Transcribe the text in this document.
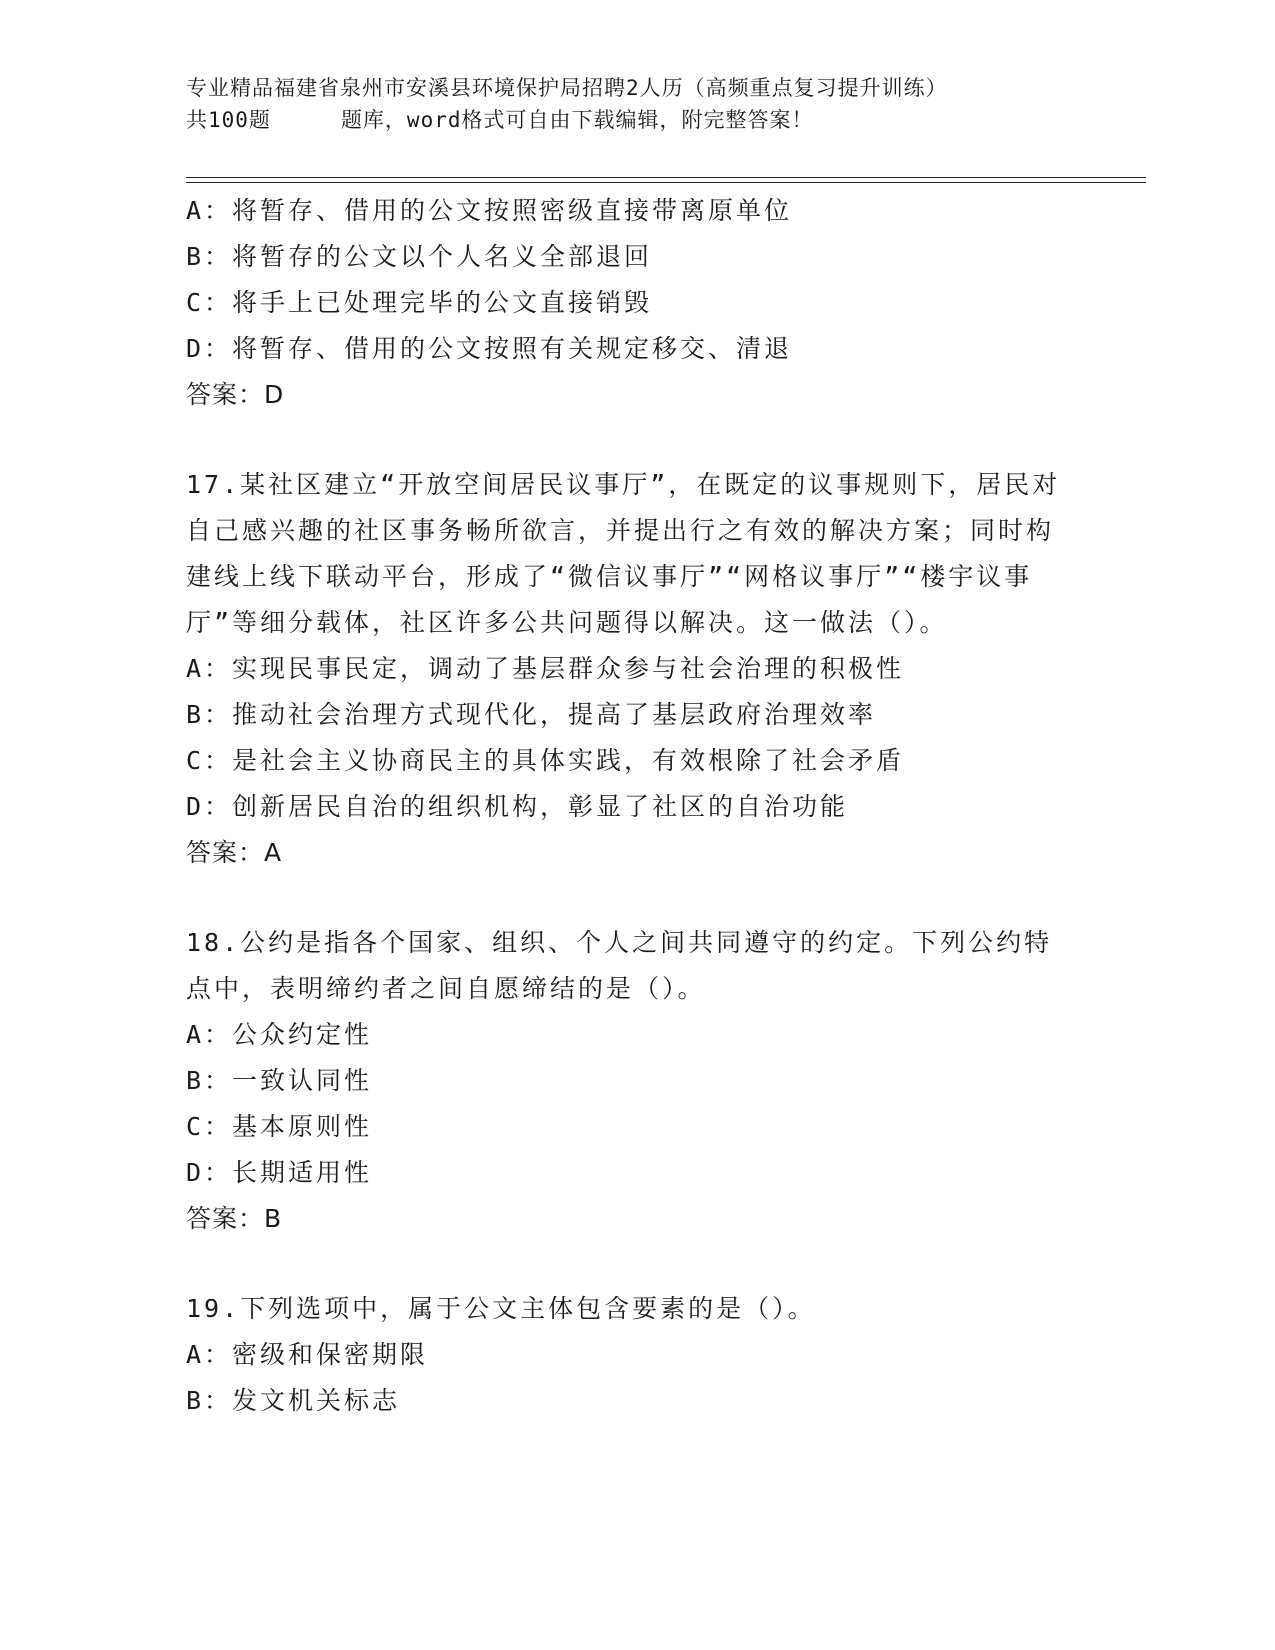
专业精品福建省泉州市安溪县环境保护局招聘2人历（高频重点复习提升训练）
共100题	题库，word格式可自由下载编辑，附完整答案！
A：将暂存、借用的公文按照密级直接带离原单位
B：将暂存的公文以个人名义全部退回
C：将手上已处理完毕的公文直接销毁
D：将暂存、借用的公文按照有关规定移交、清退
答案：D
17.某社区建立“开放空间居民议事厅”，在既定的议事规则下，居民对自己感兴趣的社区事务畅所欲言，并提出行之有效的解决方案；同时构建线上线下联动平台，形成了“微信议事厅”“网格议事厅”“楼宇议事厅”等细分载体，社区许多公共问题得以解决。这一做法（）。
A：实现民事民定，调动了基层群众参与社会治理的积极性
B：推动社会治理方式现代化，提高了基层政府治理效率
C：是社会主义协商民主的具体实践，有效根除了社会矛盾
D：创新居民自治的组织机构，彰显了社区的自治功能
答案：A
18.公约是指各个国家、组织、个人之间共同遵守的约定。下列公约特点中，表明缔约者之间自愿缔结的是（）。
A：公众约定性
B：一致认同性
C：基本原则性
D：长期适用性
答案：B
19.下列选项中，属于公文主体包含要素的是（）。
A：密级和保密期限
B：发文机关标志
